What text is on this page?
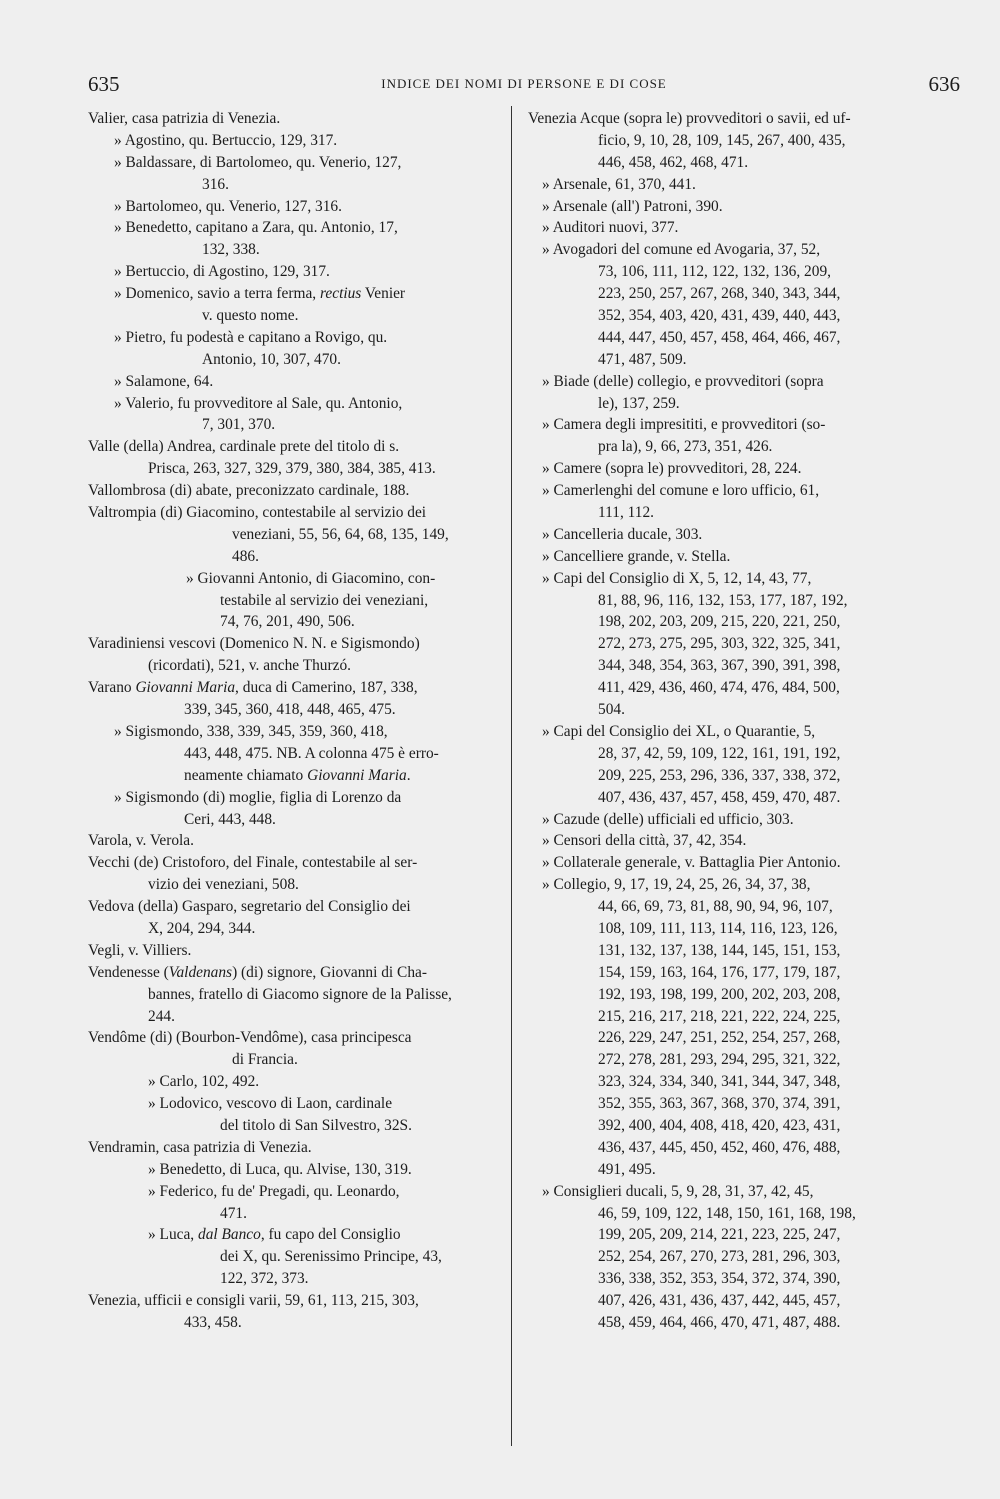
635	INDICE DEI NOMI DI PERSONE E DI COSE	636
Valier, casa patrizia di Venezia.
» Agostino, qu. Bertuccio, 129, 317.
» Baldassare, di Bartolomeo, qu. Venerio, 127,
316.
» Bartolomeo, qu. Venerio, 127, 316.
» Benedetto, capitano a Zara, qu. Antonio, 17,
132, 338.
» Bertuccio, di Agostino, 129, 317.
» Domenico, savio a terra ferma, rectius Venier
v. questo nome.
» Pietro, fu podestà e capitano a Rovigo, qu.
Antonio, 10, 307, 470.
» Salamone, 64.
» Valerio, fu provveditore al Sale, qu. Antonio,
7, 301, 370.
Valle (della) Andrea, cardinale prete del titolo di s.
Prisca, 263, 327, 329, 379, 380, 384, 385, 413.
Vallombrosa (di) abate, preconizzato cardinale, 188.
Valtrompia (di) Giacomino, contestabile al servizio dei
veneziani, 55, 56, 64, 68, 135, 149,
486.
» Giovanni Antonio, di Giacomino, con-
testabile al servizio dei veneziani,
74, 76, 201, 490, 506.
Varadiniensi vescovi (Domenico N. N. e Sigismondo)
(ricordati), 521, v. anche Thurzó.
Varano Giovanni Maria, duca di Camerino, 187, 338,
339, 345, 360, 418, 448, 465, 475.
» Sigismondo, 338, 339, 345, 359, 360, 418,
443, 448, 475. NB. A colonna 475 è erro-
neamente chiamato Giovanni Maria.
» Sigismondo (di) moglie, figlia di Lorenzo da
Ceri, 443, 448.
Varola, v. Verola.
Vecchi (de) Cristoforo, del Finale, contestabile al ser-
vizio dei veneziani, 508.
Vedova (della) Gasparo, segretario del Consiglio dei
X, 204, 294, 344.
Vegli, v. Villiers.
Vendenesse (Valdenans) (di) signore, Giovanni di Cha-
bannes, fratello di Giacomo signore de la Palisse,
244.
Vendôme (di) (Bourbon-Vendôme), casa principesca
di Francia.
» Carlo, 102, 492.
» Lodovico, vescovo di Laon, cardinale
del titolo di San Silvestro, 32S.
Vendramin, casa patrizia di Venezia.
» Benedetto, di Luca, qu. Alvise, 130, 319.
» Federico, fu de' Pregadi, qu. Leonardo,
471.
» Luca, dal Banco, fu capo del Consiglio
dei X, qu. Serenissimo Principe, 43,
122, 372, 373.
Venezia, ufficii e consigli varii, 59, 61, 113, 215, 303,
433, 458.
Venezia Acque (sopra le) provveditori o savii, ed uf-
ficio, 9, 10, 28, 109, 145, 267, 400, 435,
446, 458, 462, 468, 471.
» Arsenale, 61, 370, 441.
» Arsenale (all') Patroni, 390.
» Auditori nuovi, 377.
» Avogadori del comune ed Avogaria, 37, 52,
73, 106, 111, 112, 122, 132, 136, 209,
223, 250, 257, 267, 268, 340, 343, 344,
352, 354, 403, 420, 431, 439, 440, 443,
444, 447, 450, 457, 458, 464, 466, 467,
471, 487, 509.
» Biade (delle) collegio, e provveditori (sopra
le), 137, 259.
» Camera degli impresititi, e provveditori (so-
pra la), 9, 66, 273, 351, 426.
» Camere (sopra le) provveditori, 28, 224.
» Camerlenghi del comune e loro ufficio, 61,
111, 112.
» Cancelleria ducale, 303.
» Cancelliere grande, v. Stella.
» Capi del Consiglio di X, 5, 12, 14, 43, 77,
81, 88, 96, 116, 132, 153, 177, 187, 192,
198, 202, 203, 209, 215, 220, 221, 250,
272, 273, 275, 295, 303, 322, 325, 341,
344, 348, 354, 363, 367, 390, 391, 398,
411, 429, 436, 460, 474, 476, 484, 500,
504.
» Capi del Consiglio dei XL, o Quarantie, 5,
28, 37, 42, 59, 109, 122, 161, 191, 192,
209, 225, 253, 296, 336, 337, 338, 372,
407, 436, 437, 457, 458, 459, 470, 487.
» Cazude (delle) ufficiali ed ufficio, 303.
» Censori della città, 37, 42, 354.
» Collaterale generale, v. Battaglia Pier Antonio.
» Collegio, 9, 17, 19, 24, 25, 26, 34, 37, 38,
44, 66, 69, 73, 81, 88, 90, 94, 96, 107,
108, 109, 111, 113, 114, 116, 123, 126,
131, 132, 137, 138, 144, 145, 151, 153,
154, 159, 163, 164, 176, 177, 179, 187,
192, 193, 198, 199, 200, 202, 203, 208,
215, 216, 217, 218, 221, 222, 224, 225,
226, 229, 247, 251, 252, 254, 257, 268,
272, 278, 281, 293, 294, 295, 321, 322,
323, 324, 334, 340, 341, 344, 347, 348,
352, 355, 363, 367, 368, 370, 374, 391,
392, 400, 404, 408, 418, 420, 423, 431,
436, 437, 445, 450, 452, 460, 476, 488,
491, 495.
» Consiglieri ducali, 5, 9, 28, 31, 37, 42, 45,
46, 59, 109, 122, 148, 150, 161, 168, 198,
199, 205, 209, 214, 221, 223, 225, 247,
252, 254, 267, 270, 273, 281, 296, 303,
336, 338, 352, 353, 354, 372, 374, 390,
407, 426, 431, 436, 437, 442, 445, 457,
458, 459, 464, 466, 470, 471, 487, 488.
